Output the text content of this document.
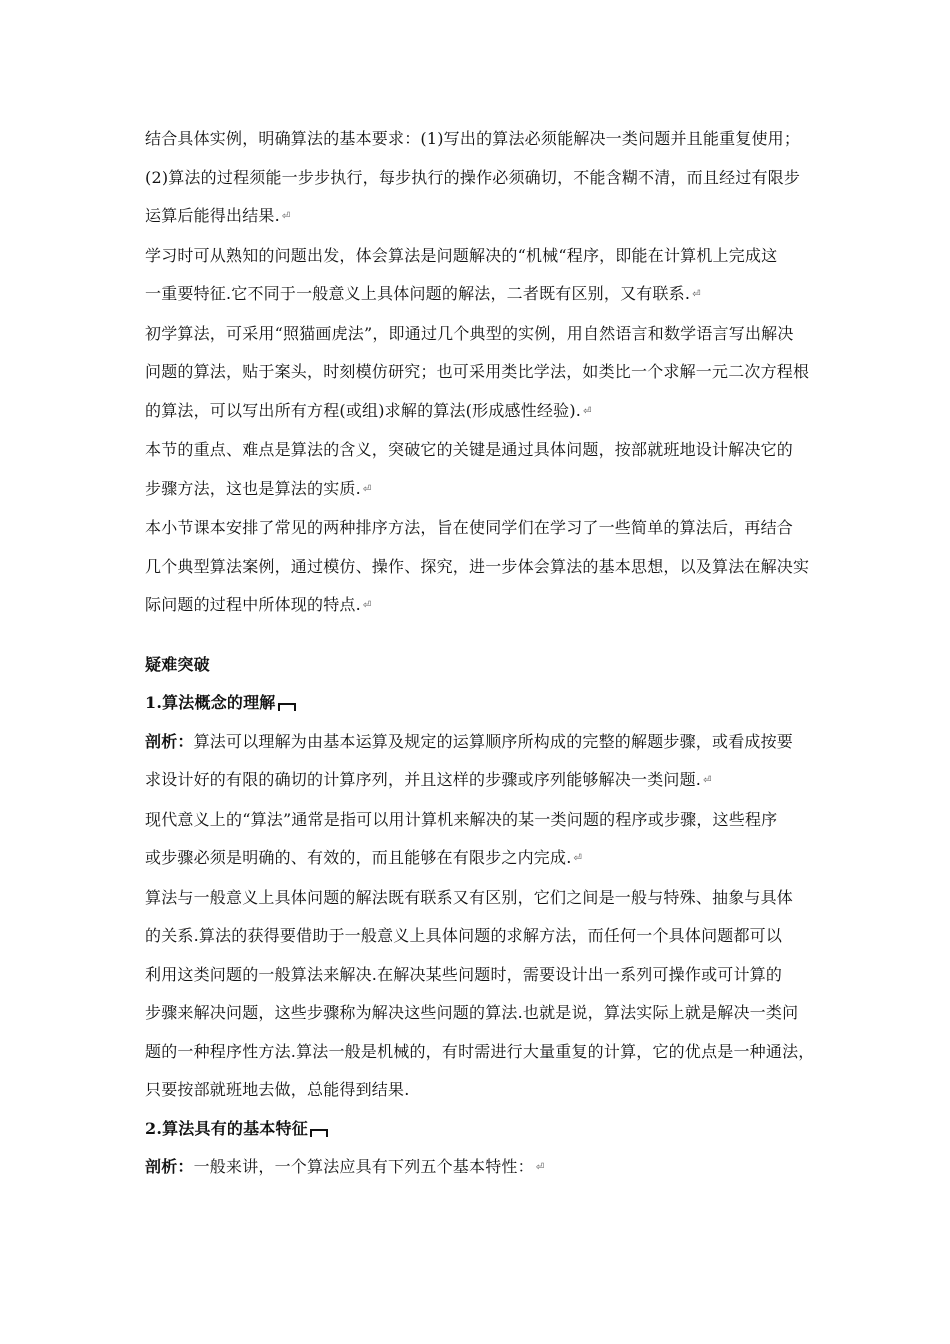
结合具体实例，明确算法的基本要求：(1)写出的算法必须能解决一类问题并且能重复使用；
(2)算法的过程须能一步步执行，每步执行的操作必须确切，不能含糊不清，而且经过有限步
运算后能得出结果. ⏎
学习时可从熟知的问题出发，体会算法是问题解决的“机械“程序，即能在计算机上完成这
一重要特征.它不同于一般意义上具体问题的解法，二者既有区别，又有联系. ⏎
初学算法，可采用“照猫画虎法”，即通过几个典型的实例，用自然语言和数学语言写出解决
问题的算法，贴于案头，时刻模仿研究；也可采用类比学法，如类比一个求解一元二次方程根
的算法，可以写出所有方程(或组)求解的算法(形成感性经验). ⏎
本节的重点、难点是算法的含义，突破它的关键是通过具体问题，按部就班地设计解决它的
步骤方法，这也是算法的实质. ⏎
本小节课本安排了常见的两种排序方法，旨在使同学们在学习了一些简单的算法后，再结合
几个典型算法案例，通过模仿、操作、探究，进一步体会算法的基本思想，以及算法在解决实
际问题的过程中所体现的特点. ⏎
疑难突破
1.算法概念的理解
剖析：算法可以理解为由基本运算及规定的运算顺序所构成的完整的解题步骤，或看成按要
求设计好的有限的确切的计算序列，并且这样的步骤或序列能够解决一类问题. ⏎
现代意义上的“算法”通常是指可以用计算机来解决的某一类问题的程序或步骤，这些程序
或步骤必须是明确的、有效的，而且能够在有限步之内完成. ⏎
算法与一般意义上具体问题的解法既有联系又有区别，它们之间是一般与特殊、抽象与具体
的关系.算法的获得要借助于一般意义上具体问题的求解方法，而任何一个具体问题都可以
利用这类问题的一般算法来解决.在解决某些问题时，需要设计出一系列可操作或可计算的
步骤来解决问题，这些步骤称为解决这些问题的算法.也就是说，算法实际上就是解决一类问
题的一种程序性方法.算法一般是机械的，有时需进行大量重复的计算，它的优点是一种通法，
只要按部就班地去做，总能得到结果.
2.算法具有的基本特征
剖析：一般来讲，一个算法应具有下列五个基本特性： ⏎
